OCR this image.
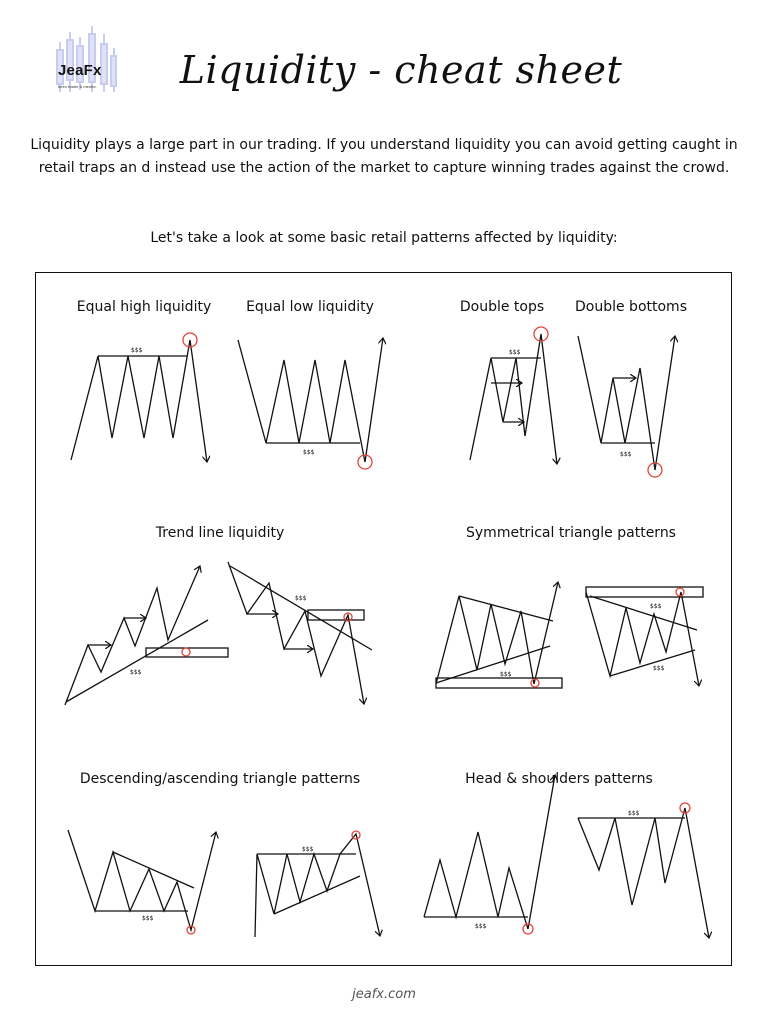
JeaFx
forex trader & mentor.	Liquidity - cheat sheet
Liquidity plays a large part in our trading. If you understand liquidity you can avoid getting caught in retail traps an d instead use the action of the market to capture winning trades against the crowd.
Let's take a look at some basic retail patterns affected by liquidity:
Equal high liquidity Equal low liquidity	Double tops Double bottoms
Trend line liquidity	Symmetrical triangle patterns
Descending/ascending triangle patterns	Head & shoulders patterns
$$$
$$$
$$$
$$$
$$$
$$$
$$$
$$$
$$$
$$$
$$$
$$$
$$$
jeafx.com
